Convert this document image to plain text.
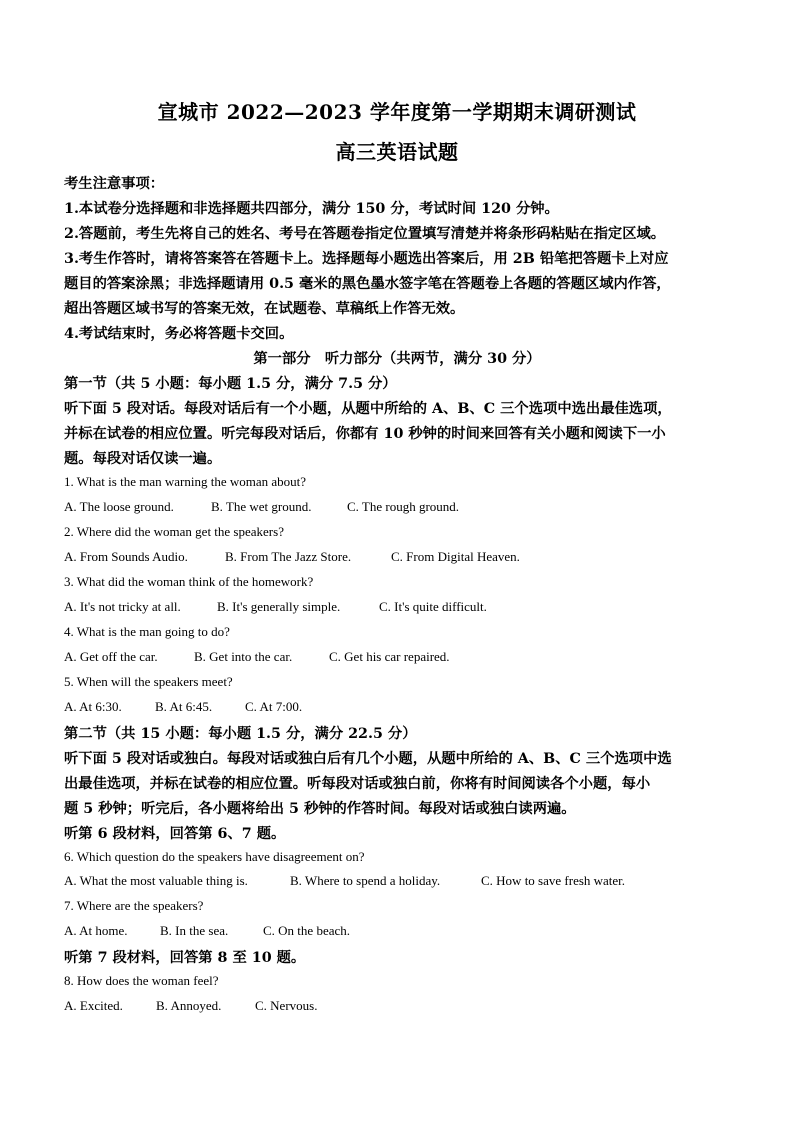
宣城市 2022—2023 学年度第一学期期末调研测试
高三英语试题
考生注意事项：
1.本试卷分选择题和非选择题共四部分，满分 150 分，考试时间 120 分钟。
2.答题前，考生先将自己的姓名、考号在答题卷指定位置填写清楚并将条形码粘贴在指定区域。
3.考生作答时，请将答案答在答题卡上。选择题每小题选出答案后，用 2B 铅笔把答题卡上对应
题目的答案涂黑；非选择题请用 0.5 毫米的黑色墨水签字笔在答题卷上各题的答题区域内作答，
超出答题区域书写的答案无效，在试题卷、草稿纸上作答无效。
4.考试结束时，务必将答题卡交回。
第一部分　听力部分（共两节，满分 30 分）
第一节（共 5 小题：每小题 1.5 分，满分 7.5 分）
听下面 5 段对话。每段对话后有一个小题，从题中所给的 A、B、C 三个选项中选出最佳选项，
并标在试卷的相应位置。听完每段对话后，你都有 10 秒钟的时间来回答有关小题和阅读下一小
题。每段对话仅读一遍。
1. What is the man warning the woman about?
A. The loose ground.	B. The wet ground.	C. The rough ground.
2. Where did the woman get the speakers?
A. From Sounds Audio.	B. From The Jazz Store.	C. From Digital Heaven.
3. What did the woman think of the homework?
A. It's not tricky at all.	B. It's generally simple.	C. It's quite difficult.
4. What is the man going to do?
A. Get off the car.	B. Get into the car.	C. Get his car repaired.
5. When will the speakers meet?
A. At 6:30.	B. At 6:45.	C. At 7:00.
第二节（共 15 小题：每小题 1.5 分，满分 22.5 分）
听下面 5 段对话或独白。每段对话或独白后有几个小题，从题中所给的 A、B、C 三个选项中选
出最佳选项，并标在试卷的相应位置。听每段对话或独白前，你将有时间阅读各个小题，每小
题 5 秒钟；听完后，各小题将给出 5 秒钟的作答时间。每段对话或独白读两遍。
听第 6 段材料，回答第 6、7 题。
6. Which question do the speakers have disagreement on?
A. What the most valuable thing is.	B. Where to spend a holiday.	C. How to save fresh water.
7. Where are the speakers?
A. At home. B. In the sea.	C. On the beach.
听第 7 段材料，回答第 8 至 10 题。
8. How does the woman feel?
A. Excited.	B. Annoyed.	C. Nervous.
